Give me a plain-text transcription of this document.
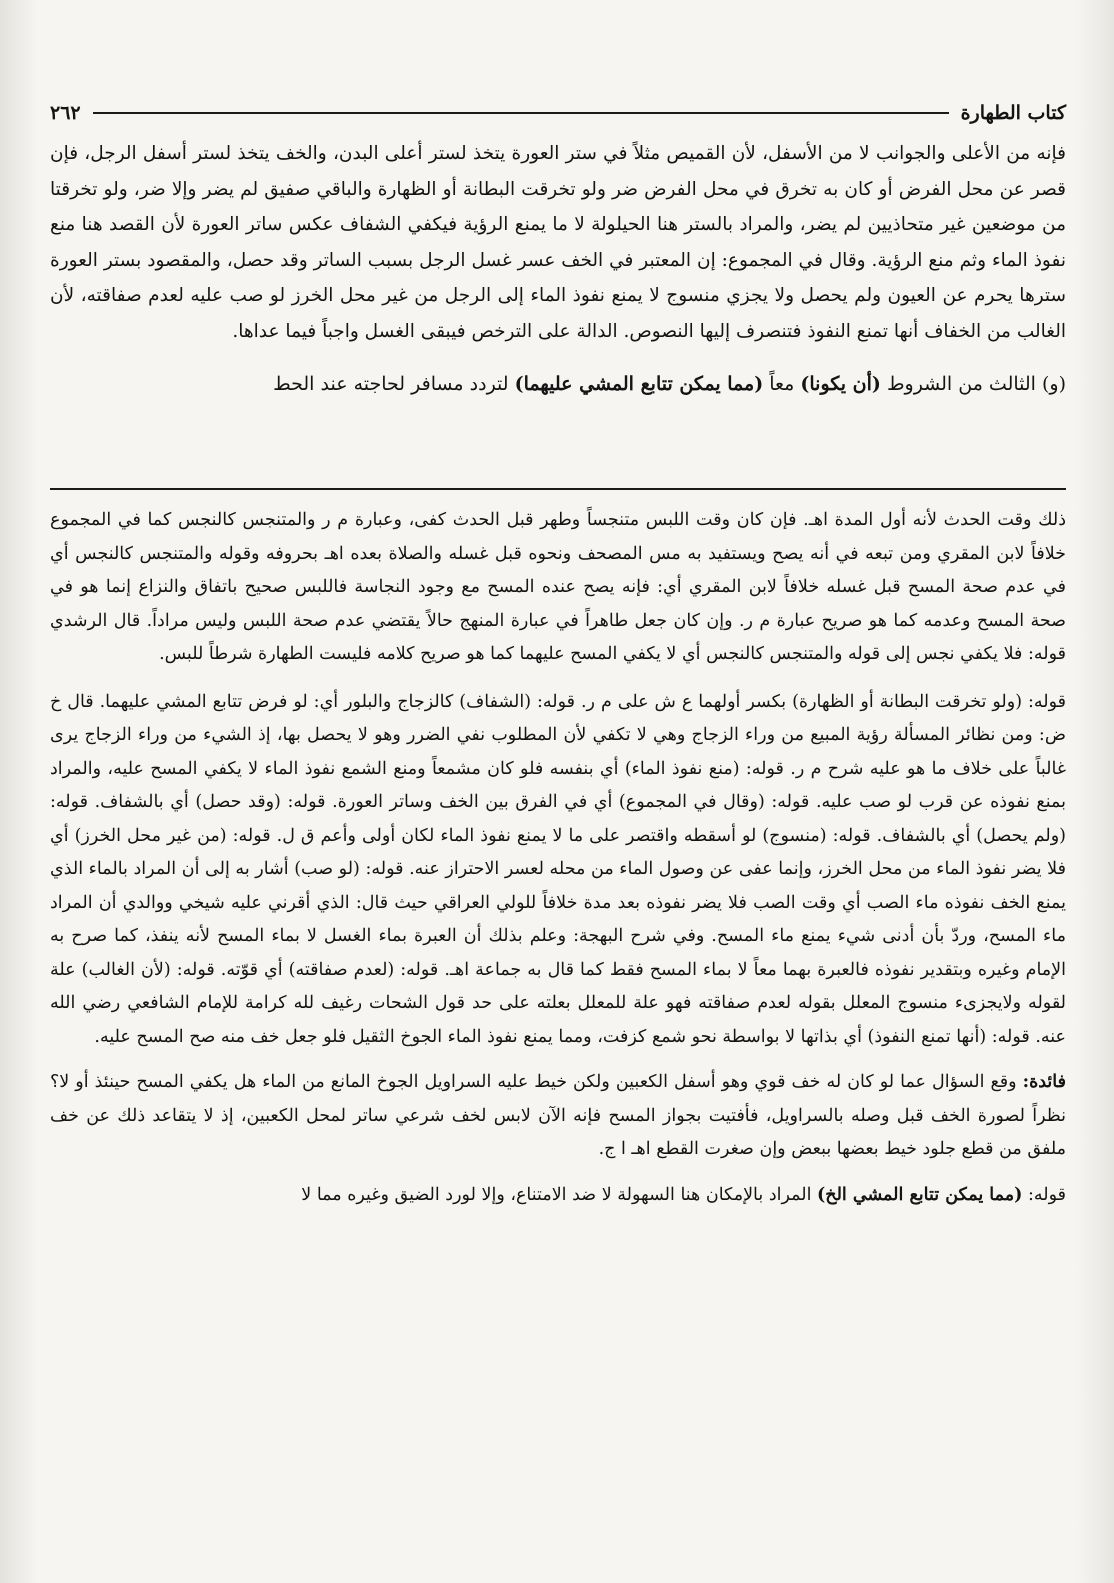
كتاب الطهارة
٢٦٢

فإنه من الأعلى والجوانب لا من الأسفل، لأن القميص مثلاً في ستر العورة يتخذ لستر أعلى البدن، والخف يتخذ لستر أسفل الرجل، فإن قصر عن محل الفرض أو كان به تخرق في محل الفرض ضر ولو تخرقت البطانة أو الظهارة والباقي صفيق لم يضر وإلا ضر، ولو تخرقتا من موضعين غير متحاذيين لم يضر، والمراد بالستر هنا الحيلولة لا ما يمنع الرؤية فيكفي الشفاف عكس ساتر العورة لأن القصد هنا منع نفوذ الماء وثم منع الرؤية. وقال في المجموع: إن المعتبر في الخف عسر غسل الرجل بسبب الساتر وقد حصل، والمقصود بستر العورة سترها يحرم عن العيون ولم يحصل ولا يجزي منسوج لا يمنع نفوذ الماء إلى الرجل من غير محل الخرز لو صب عليه لعدم صفاقته، لأن الغالب من الخفاف أنها تمنع النفوذ فتنصرف إليها النصوص. الدالة على الترخص فيبقى الغسل واجباً فيما عداها.

(و) الثالث من الشروط (أن يكونا) معاً (مما يمكن تتابع المشي عليهما) لتردد مسافر لحاجته عند الحط

ذلك وقت الحدث لأنه أول المدة اهـ. فإن كان وقت اللبس متنجساً وطهر قبل الحدث كفى، وعبارة م ر والمتنجس كالنجس كما في المجموع خلافاً لابن المقري ومن تبعه في أنه يصح ويستفيد به مس المصحف ونحوه قبل غسله والصلاة بعده اهـ بحروفه وقوله والمتنجس كالنجس أي في عدم صحة المسح قبل غسله خلافاً لابن المقري أي: فإنه يصح عنده المسح مع وجود النجاسة فاللبس صحيح باتفاق والنزاع إنما هو في صحة المسح وعدمه كما هو صريح عبارة م ر. وإن كان جعل طاهراً في عبارة المنهج حالاً يقتضي عدم صحة اللبس وليس مراداً. قال الرشدي قوله: فلا يكفي نجس إلى قوله والمتنجس كالنجس أي لا يكفي المسح عليهما كما هو صريح كلامه فليست الطهارة شرطاً للبس.

قوله: (ولو تخرقت البطانة أو الظهارة) بكسر أولهما ع ش على م ر. قوله: (الشفاف) كالزجاج والبلور أي: لو فرض تتابع المشي عليهما. قال خ ض: ومن نظائر المسألة رؤية المبيع من وراء الزجاج وهي لا تكفي لأن المطلوب نفي الضرر وهو لا يحصل بها، إذ الشيء من وراء الزجاج يرى غالباً على خلاف ما هو عليه شرح م ر. قوله: (منع نفوذ الماء) أي بنفسه فلو كان مشمعاً ومنع الشمع نفوذ الماء لا يكفي المسح عليه، والمراد بمنع نفوذه عن قرب لو صب عليه. قوله: (وقال في المجموع) أي في الفرق بين الخف وساتر العورة. قوله: (وقد حصل) أي بالشفاف. قوله: (ولم يحصل) أي بالشفاف. قوله: (منسوج) لو أسقطه واقتصر على ما لا يمنع نفوذ الماء لكان أولى وأعم ق ل. قوله: (من غير محل الخرز) أي فلا يضر نفوذ الماء من محل الخرز، وإنما عفى عن وصول الماء من محله لعسر الاحتراز عنه. قوله: (لو صب) أشار به إلى أن المراد بالماء الذي يمنع الخف نفوذه ماء الصب أي وقت الصب فلا يضر نفوذه بعد مدة خلافاً للولي العراقي حيث قال: الذي أقرني عليه شيخي ووالدي أن المراد ماء المسح، وردّ بأن أدنى شيء يمنع ماء المسح. وفي شرح البهجة: وعلم بذلك أن العبرة بماء الغسل لا بماء المسح لأنه ينفذ، كما صرح به الإمام وغيره وبتقدير نفوذه فالعبرة بهما معاً لا بماء المسح فقط كما قال به جماعة اهـ. قوله: (لعدم صفاقته) أي قوّته. قوله: (لأن الغالب) علة لقوله ولايجزىء منسوج المعلل بقوله لعدم صفاقته فهو علة للمعلل بعلته على حد قول الشحات رغيف لله كرامة للإمام الشافعي رضي الله عنه. قوله: (أنها تمنع النفوذ) أي بذاتها لا بواسطة نحو شمع كزفت، ومما يمنع نفوذ الماء الجوخ الثقيل فلو جعل خف منه صح المسح عليه.

فائدة: وقع السؤال عما لو كان له خف قوي وهو أسفل الكعبين ولكن خيط عليه السراويل الجوخ المانع من الماء هل يكفي المسح حينئذ أو لا؟ نظراً لصورة الخف قبل وصله بالسراويل، فأفتيت بجواز المسح فإنه الآن لابس لخف شرعي ساتر لمحل الكعبين، إذ لا يتقاعد ذلك عن خف ملفق من قطع جلود خيط بعضها ببعض وإن صغرت القطع اهـ ا ج.

قوله: (مما يمكن تتابع المشي الخ) المراد بالإمكان هنا السهولة لا ضد الامتناع، وإلا لورد الضيق وغيره مما لا
